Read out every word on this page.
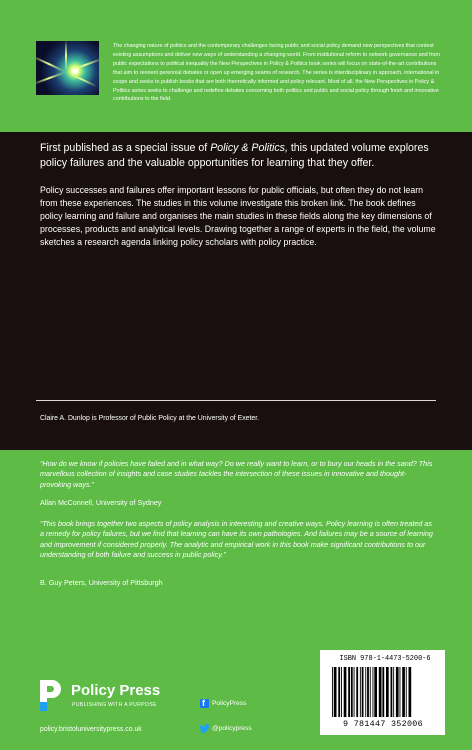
The changing nature of politics and the contemporary challenges facing public and social policy demand new perspectives that contest existing assumptions and deliver new ways of understanding a changing world. From institutional reform to network governance and from public expectations to political inequality the New Perspectives in Policy & Politics book series will focus on state-of-the-art contributions that aim to reorient perennial debates or open up emerging seams of research. The series is interdisciplinary in approach, international in scope and seeks to publish books that are both theoretically informed and policy relevant. Most of all, the New Perspectives in Policy & Politics series seeks to challenge and redefine debates concerning both politics and public and social policy through fresh and innovative contributions to the field.

First published as a special issue of Policy & Politics, this updated volume explores policy failures and the valuable opportunities for learning that they offer.

Policy successes and failures offer important lessons for public officials, but often they do not learn from these experiences. The studies in this volume investigate this broken link. The book defines policy learning and failure and organises the main studies in these fields along the key dimensions of processes, products and analytical levels. Drawing together a range of experts in the field, the volume sketches a research agenda linking policy scholars with policy practice.

Claire A. Dunlop is Professor of Public Policy at the University of Exeter.

“How do we know if policies have failed and in what way? Do we really want to learn, or to bury our heads in the sand? This marvellous collection of insights and case studies tackles the intersection of these issues in innovative and thought-provoking ways.”

Allan McConnell, University of Sydney

“This book brings together two aspects of policy analysis in interesting and creative ways. Policy learning is often treated as a remedy for policy failures, but we find that learning can have its own pathologies. And failures may be a source of learning and improvement if considered properly. The analytic and empirical work in this book make significant contributions to our understanding of both failure and success in public policy.”

B. Guy Peters, University of Pittsburgh

Policy Press

PUBLISHING WITH A PURPOSE

policy.bristoluniversitypress.co.uk

f PolicyPress

@policypress

ISBN 978-1-4473-5200-6

9 781447 352006
